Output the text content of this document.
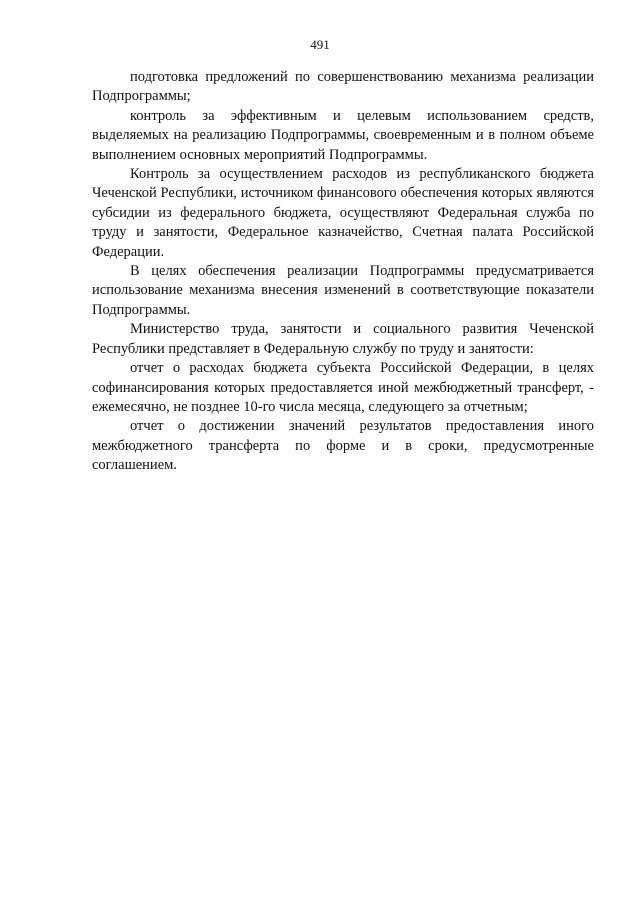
491

подготовка предложений по совершенствованию механизма реализации Подпрограммы;

контроль за эффективным и целевым использованием средств, выделяемых на реализацию Подпрограммы, своевременным и в полном объеме выполнением основных мероприятий Подпрограммы.

Контроль за осуществлением расходов из республиканского бюджета Чеченской Республики, источником финансового обеспечения которых являются субсидии из федерального бюджета, осуществляют Федеральная служба по труду и занятости, Федеральное казначейство, Счетная палата Российской Федерации.

В целях обеспечения реализации Подпрограммы предусматривается использование механизма внесения изменений в соответствующие показатели Подпрограммы.

Министерство труда, занятости и социального развития Чеченской Республики представляет в Федеральную службу по труду и занятости:

отчет о расходах бюджета субъекта Российской Федерации, в целях софинансирования которых предоставляется иной межбюджетный трансферт, - ежемесячно, не позднее 10-го числа месяца, следующего за отчетным;

отчет о достижении значений результатов предоставления иного межбюджетного трансферта по форме и в сроки, предусмотренные соглашением.
